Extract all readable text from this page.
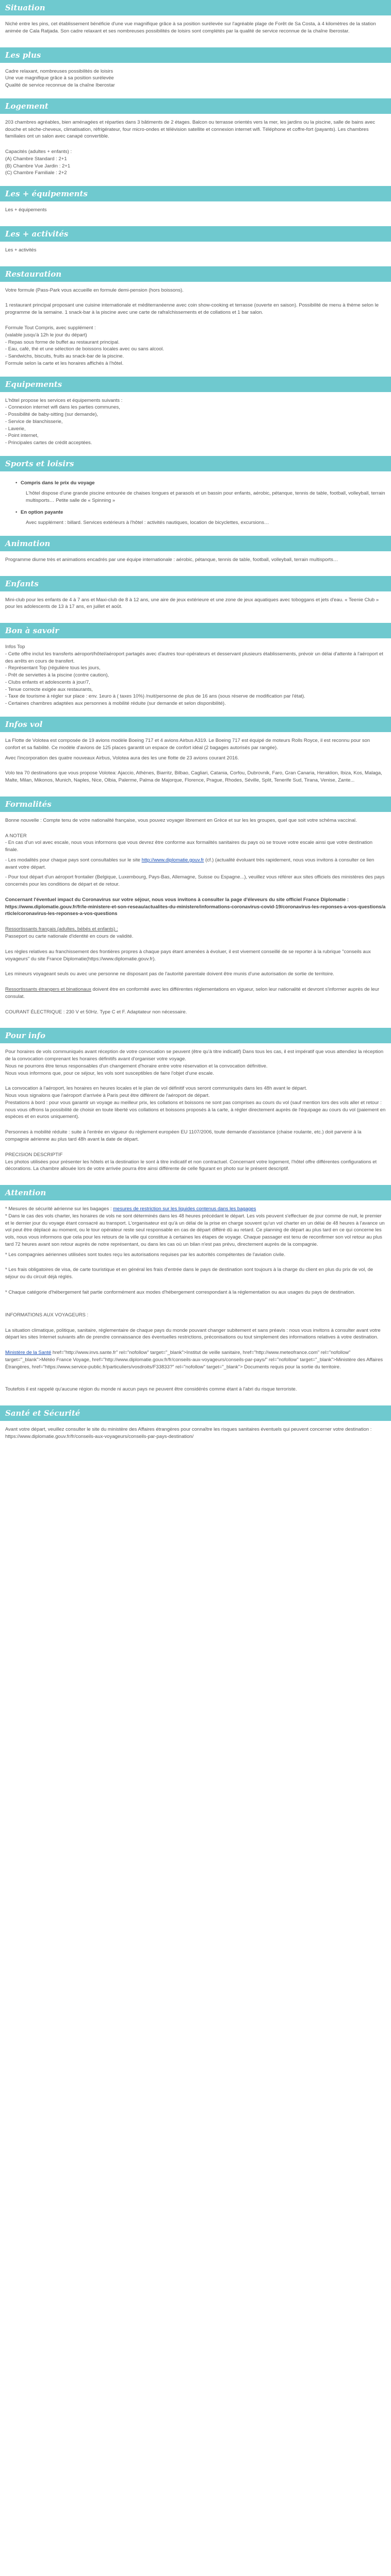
Situation

Niché entre les pins, cet établissement bénéficie d'une vue magnifique grâce à sa position surélevée sur l'agréable plage de Forêt de Sa Costa, à 4 kilomètres de la station animée de Cala Ratjada. Son cadre relaxant et ses nombreuses possibilités de loisirs sont complétés par la qualité de service reconnue de la chaîne Iberostar.

Les plus

Cadre relaxant, nombreuses possibilités de loisirs

Une vue magnifique grâce à sa position surélevée

Qualité de service reconnue de la chaîne Iberostar

Logement

203 chambres agréables, bien aménagées et réparties dans 3 bâtiments de 2 étages. Balcon ou terrasse orientés vers la mer, les jardins ou la piscine, salle de bains avec douche et sèche-cheveux, climatisation, réfrigérateur, four micro-ondes et télévision satellite et connexion internet wifi. Téléphone et coffre-fort (payants). Les chambres familiales ont un salon avec canapé convertible.

Capacités (adultes + enfants) :

(A) Chambre Standard : 2+1

(B) Chambre Vue Jardin : 2+1

(C) Chambre Familiale : 2+2

Les + équipements

Les + équipements

Les + activités

Les + activités

Restauration

Votre formule (Pass-Park vous accueille en formule demi-pension (hors boissons).

1 restaurant principal proposant une cuisine internationale et méditerranéenne avec coin show-cooking et terrasse (ouverte en saison). Possibilité de menu à thème selon le programme de la semaine. 1 snack-bar à la piscine avec une carte de rafraîchissements et de collations et 1 bar salon.

Formule Tout Compris, avec supplément :

(valable jusqu'à 12h le jour du départ)

- Repas sous forme de buffet au restaurant principal.

- Eau, café, thé et une sélection de boissons locales avec ou sans alcool.

- Sandwichs, biscuits, fruits au snack-bar de la piscine.

Formule selon la carte et les horaires affichés à l'hôtel.

Equipements

L'hôtel propose les services et équipements suivants :

- Connexion internet wifi dans les parties communes,

- Possibilité de baby-sitting (sur demande),

- Service de blanchisserie,

- Laverie,

- Point internet,

- Principales cartes de crédit acceptées.

Sports et loisirs
• Compris dans le prix du voyage

L'hôtel dispose d'une grande piscine entourée de chaises longues et parasols et un bassin pour enfants, aérobic, pétanque, tennis de table, football, volleyball, terrain multisports… Petite salle de « Spinning »

• En option payante

Avec supplément : billard. Services extérieurs à l'hôtel : activités nautiques, location de bicyclettes, excursions…

Animation

Programme diurne très et animations encadrés par une équipe internationale : aérobic, pétanque, tennis de table, football, volleyball, terrain multisports…

Enfants

Mini-club pour les enfants de 4 à 7 ans et Maxi-club de 8 à 12 ans, une aire de jeux extérieure et une zone de jeux aquatiques avec toboggans et jets d'eau. « Teenie Club » pour les adolescents de 13 à 17 ans, en juillet et août.

Bon à savoir

Infos Top

- Cette offre inclut les transferts aéroport/hôtel/aéroport partagés avec d'autres tour-opérateurs et desservant plusieurs établissements, prévoir un délai d'attente à l'aéroport et des arrêts en cours de transfert.

- Représentant Top (régulière tous les jours,

- Prêt de serviettes à la piscine (contre caution),

- Clubs enfants et adolescents à jour/7,

- Tenue correcte exigée aux restaurants,

- Taxe de tourisme à régler sur place : env. 1euro à ( taxes 10%) /nuit/personne de plus de 16 ans (sous réserve de modification par l'état).

- Certaines chambres adaptées aux personnes à mobilité réduite (sur demande et selon disponibilité).

Infos vol

La Flotte de Volotea est composée de 19 avions modèle Boeing 717 et 4 avions Airbus A319. Le Boeing 717 est équipé de moteurs Rolls Royce, il est reconnu pour son confort et sa fiabilité. Ce modèle d'avions de 125 places garantit un espace de confort idéal (2 bagages autorisés par rangée).

Avec l'incorporation des quatre nouveaux Airbus, Volotea aura des les une flotte de 23 avions courant 2016.

Volo tea 70 destinations que vous propose Volotea: Ajaccio, Athènes, Biarritz, Bilbao, Cagliari, Catania, Corfou, Dubrovnik, Faro, Gran Canaria, Heraklion, Ibiza, Kos, Malaga, Malte, Milan, Mikonos, Munich, Naples, Nice, Olbia, Palerme, Palma de Majorque, Florence, Prague, Rhodes, Séville, Split, Tenerife Sud, Tirana, Venise, Zante...

Formalités

Bonne nouvelle : Compte tenu de votre nationalité française, vous pouvez voyager librement en Grèce et sur les les groupes, quel que soit votre schéma vaccinal.

A NOTER

- En cas d'un vol avec escale, nous vous informons que vous devrez être conforme aux formalités sanitaires du pays où se trouve votre escale ainsi que votre destination finale.

- Les modalités pour chaque pays sont consultables sur le site http://www.diplomatie.gouv.fr (cf.) (actualité évoluant très rapidement, nous vous invitons à consulter ce lien avant votre départ.

- Pour tout départ d'un aéroport frontalier (Belgique, Luxembourg, Pays-Bas, Allemagne, Suisse ou Espagne...), veuillez vous référer aux sites officiels des ministères des pays concernés pour les conditions de départ et de retour.

Concernant l'éventuel impact du Coronavirus sur votre séjour, nous vous invitons à consulter la page d'éleveurs du site officiel France Diplomatie :

https://www.diplomatie.gouv.fr/fr/le-ministere-et-son-reseau/actualites-du-ministere/informations-coronavirus-covid-19/coronavirus-les-reponses-a-vos-questions/article/coronavirus-les-reponses-a-vos-questions

Ressortissants français (adultes, bébés et enfants) :

Passeport ou carte nationale d'identité en cours de validité.

Les règles relatives au franchissement des frontières propres à chaque pays étant amenées à évoluer, il est vivement conseillé de se reporter à la rubrique "conseils aux voyageurs" du site France Diplomatie(https://www.diplomatie.gouv.fr).

Les mineurs voyageant seuls ou avec une personne ne disposant pas de l'autorité parentale doivent être munis d'une autorisation de sortie de territoire.

Ressortissants étrangers et binationaux doivent être en conformité avec les différentes réglementations en vigueur, selon leur nationalité et devront s'informer auprès de leur consulat.

COURANT ÉLECTRIQUE : 230 V et 50Hz. Type C et F. Adaptateur non nécessaire.

Pour info

Pour horaires de vols communiqués avant réception de votre convocation se peuvent (être qu'à titre indicatif) Dans tous les cas, il est impératif que vous attendiez la réception de la convocation comprenant les horaires définitifs avant d'organiser votre voyage.

Nous ne pourrons être tenus responsables d'un changement d'horaire entre votre réservation et la convocation définitive.

Nous vous informons que, pour ce séjour, les vols sont susceptibles de faire l'objet d'une escale.

La convocation à l'aéroport, les horaires en heures locales et le plan de vol définitif vous seront communiqués dans les 48h avant le départ.

Nous vous signalons que l'aéroport d'arrivée à Paris peut être différent de l'aéroport de départ.

Prestations à bord : pour vous garantir un voyage au meilleur prix, les collations et boissons ne sont pas comprises au cours du vol (sauf mention lors des vols aller et retour : nous vous offrons la possibilité de choisir en toute liberté vos collations et boissons proposés à la carte, à régler directement auprès de l'équipage au cours du vol (paiement en espèces et en euros uniquement).

Personnes à mobilité réduite : suite à l'entrée en vigueur du règlement européen EU 1107/2006, toute demande d'assistance (chaise roulante, etc.) doit parvenir à la compagnie aérienne au plus tard 48h avant la date de départ.

PRECISION DESCRIPTIF

Les photos utilisées pour présenter les hôtels et la destination le sont à titre indicatif et non contractuel. Concernant votre logement, l'hôtel offre différentes configurations et décorations. La chambre allouée lors de votre arrivée pourra être ainsi différente de celle figurant en photo sur le présent descriptif.

Attention

* Mesures de sécurité aérienne sur les bagages : mesures de restriction sur les liquides contenus dans les bagages

* Dans le cas des vols charter, les horaires de vols ne sont déterminés dans les 48 heures précédant le départ. Les vols peuvent s'effectuer de jour comme de nuit, le premier et le dernier jour du voyage étant consacré au transport. L'organisateur est qu'à un délai de la prise en charge souvent qu'un vol charter en un délai de 48 heures à l'avance un vol peut être déplacé au moment, ou le tour opérateur reste seul responsable en cas de départ différé dû au retard. Ce planning de départ au plus tard en ce qui concerne les vols, nous vous informons que cela pour les retours de la ville qui constitue à certaines les étapes de voyage. Chaque passager est tenu de reconfirmer son vol retour au plus tard 72 heures avant son retour auprès de notre représentant, ou dans les cas où un bilan n'est pas prévu, directement auprès de la compagnie.

* Les compagnies aériennes utilisées sont toutes reçu les autorisations requises par les autorités compétentes de l'aviation civile.

* Les frais obligatoires de visa, de carte touristique et en général les frais d'entrée dans le pays de destination sont toujours à la charge du client en plus du prix de vol, de séjour ou du circuit déjà réglés.

* Chaque catégorie d'hébergement fait partie conformément aux modes d'hébergement correspondant à la réglementation ou aux usages du pays de destination.

INFORMATIONS AUX VOYAGEURS :

La situation climatique, politique, sanitaire, réglementaire de chaque pays du monde pouvant changer subitement et sans préavis : nous vous invitons à consulter avant votre départ les sites Internet suivants afin de prendre connaissance des éventuelles restrictions, préconisations ou tout simplement des informations relatives à votre destination.

Ministère de la Santé href="http://www.invs.sante.fr" rel="nofollow" target="_blank">Institut de veille sanitaire, href="http://www.meteofrance.com" rel="nofollow" target="_blank">Météo France Voyage, href="http://www.diplomatie.gouv.fr/fr/conseils-aux-voyageurs/conseils-par-pays/" rel="nofollow" target="_blank">Ministère des Affaires Étrangères, href="https://www.service-public.fr/particuliers/vosdroits/F33833?" rel="nofollow" target="_blank"> Documents requis pour la sortie du territoire.

Toutefois il est rappelé qu'aucune région du monde ni aucun pays ne peuvent être considérés comme étant à l'abri du risque terroriste.

Santé et Sécurité

Avant votre départ, veuillez consulter le site du ministère des Affaires étrangères pour connaître les risques sanitaires éventuels qui peuvent concerner votre destination : https://www.diplomatie.gouv.fr/fr/conseils-aux-voyageurs/conseils-par-pays-destination/
